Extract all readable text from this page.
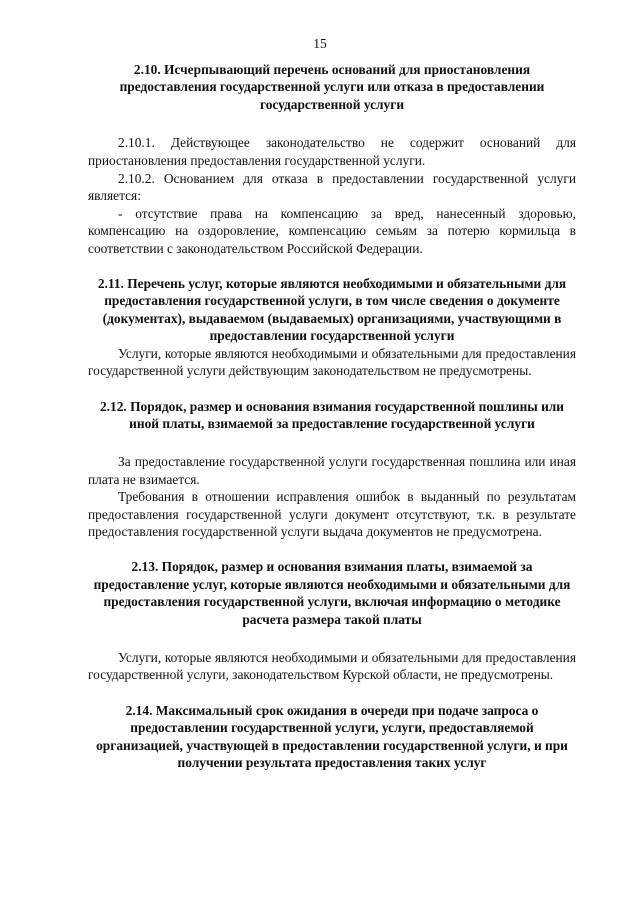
15

2.10. Исчерпывающий перечень оснований для приостановления предоставления государственной услуги или отказа в предоставлении государственной услуги

2.10.1. Действующее законодательство не содержит оснований для приостановления предоставления государственной услуги.

2.10.2. Основанием для отказа в предоставлении государственной услуги является:

- отсутствие права на компенсацию за вред, нанесенный здоровью, компенсацию на оздоровление, компенсацию семьям за потерю кормильца в соответствии с законодательством Российской Федерации.

2.11. Перечень услуг, которые являются необходимыми и обязательными для предоставления государственной услуги, в том числе сведения о документе (документах), выдаваемом (выдаваемых) организациями, участвующими в предоставлении государственной услуги

Услуги, которые являются необходимыми и обязательными для предоставления государственной услуги действующим законодательством не предусмотрены.

2.12. Порядок, размер и основания взимания государственной пошлины или иной платы, взимаемой за предоставление государственной услуги

За предоставление государственной услуги государственная пошлина или иная плата не взимается.

Требования в отношении исправления ошибок в выданный по результатам предоставления государственной услуги документ отсутствуют, т.к. в результате предоставления государственной услуги выдача документов не предусмотрена.

2.13. Порядок, размер и основания взимания платы, взимаемой за предоставление услуг, которые являются необходимыми и обязательными для предоставления государственной услуги, включая информацию о методике расчета размера такой платы

Услуги, которые являются необходимыми и обязательными для предоставления государственной услуги, законодательством Курской области, не предусмотрены.

2.14. Максимальный срок ожидания в очереди при подаче запроса о предоставлении государственной услуги, услуги, предоставляемой организацией, участвующей в предоставлении государственной услуги, и при получении результата предоставления таких услуг
